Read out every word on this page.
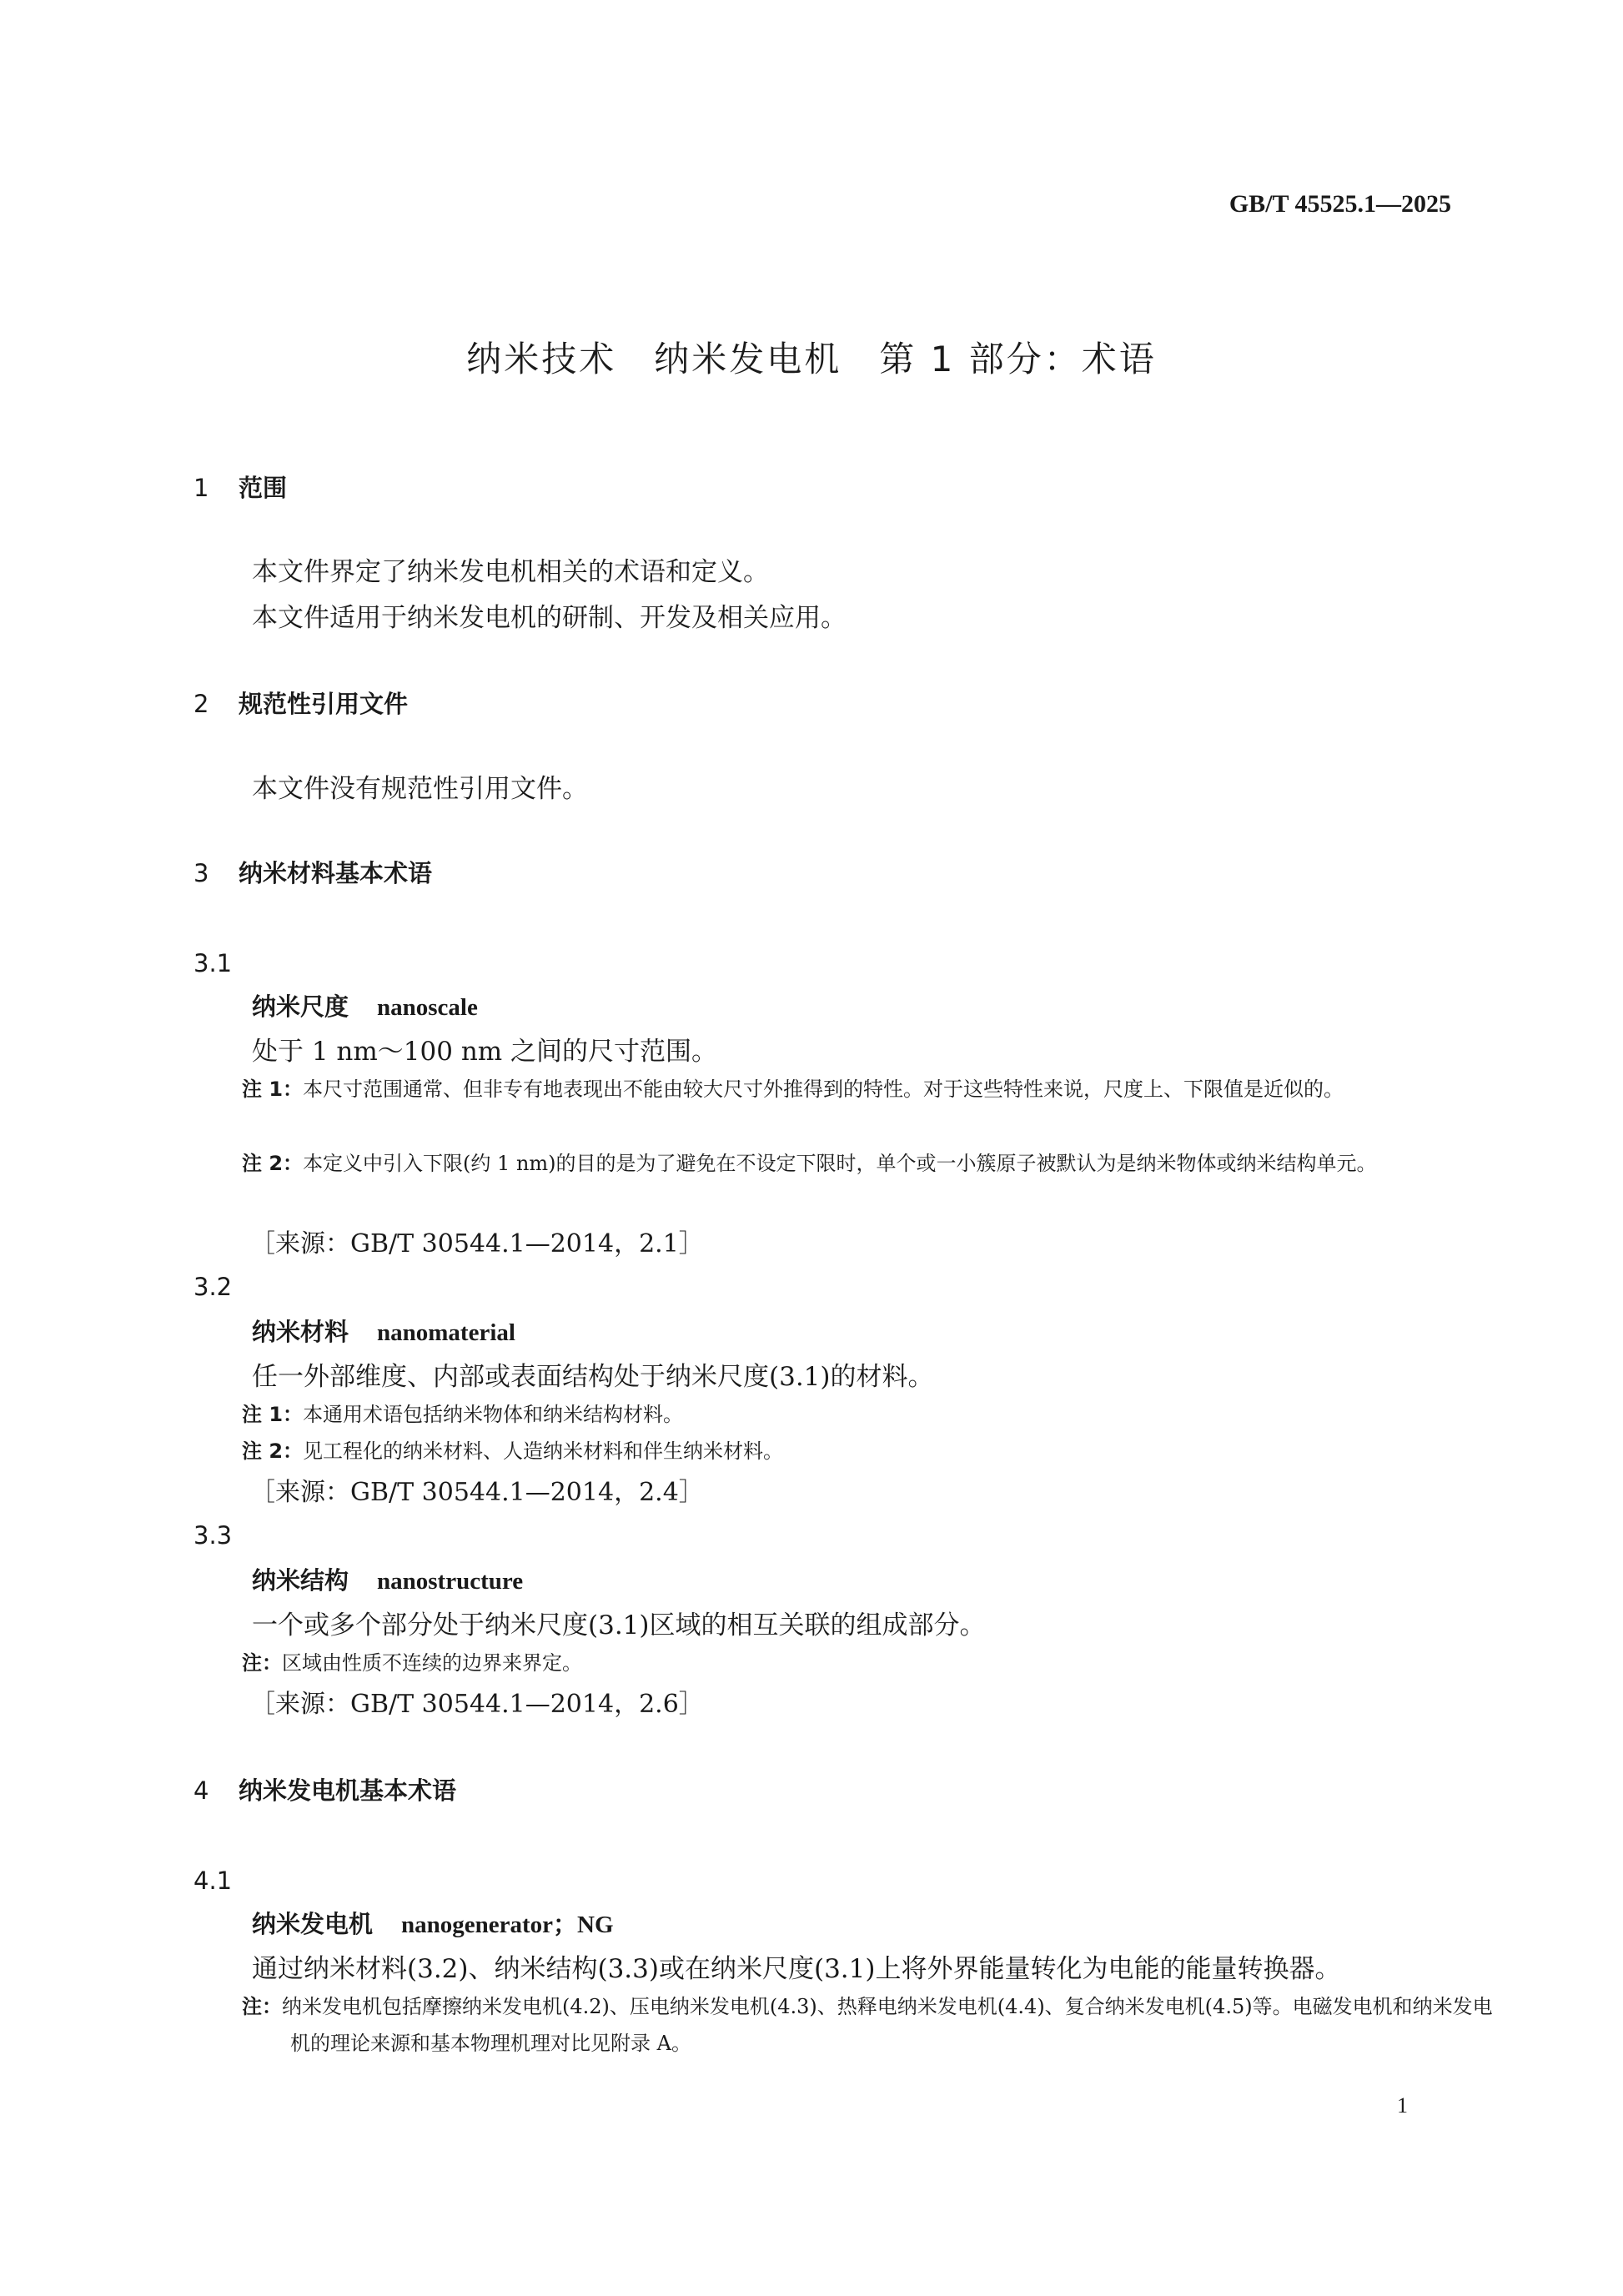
GB/T 45525.1—2025
纳米技术　纳米发电机　第 1 部分：术语
1 范围
本文件界定了纳米发电机相关的术语和定义。
本文件适用于纳米发电机的研制、开发及相关应用。
2 规范性引用文件
本文件没有规范性引用文件。
3 纳米材料基本术语
3.1
纳米尺度 nanoscale
处于 1 nm～100 nm 之间的尺寸范围。
注 1：本尺寸范围通常、但非专有地表现出不能由较大尺寸外推得到的特性。对于这些特性来说，尺度上、下限值是近似的。
注 2：本定义中引入下限(约 1 nm)的目的是为了避免在不设定下限时，单个或一小簇原子被默认为是纳米物体或纳米结构单元。
［来源：GB/T 30544.1—2014，2.1］
3.2
纳米材料 nanomaterial
任一外部维度、内部或表面结构处于纳米尺度(3.1)的材料。
注 1：本通用术语包括纳米物体和纳米结构材料。
注 2：见工程化的纳米材料、人造纳米材料和伴生纳米材料。
［来源：GB/T 30544.1—2014，2.4］
3.3
纳米结构 nanostructure
一个或多个部分处于纳米尺度(3.1)区域的相互关联的组成部分。
注：区域由性质不连续的边界来界定。
［来源：GB/T 30544.1—2014，2.6］
4 纳米发电机基本术语
4.1
纳米发电机 nanogenerator；NG
通过纳米材料(3.2)、纳米结构(3.3)或在纳米尺度(3.1)上将外界能量转化为电能的能量转换器。
注：纳米发电机包括摩擦纳米发电机(4.2)、压电纳米发电机(4.3)、热释电纳米发电机(4.4)、复合纳米发电机(4.5)等。电磁发电机和纳米发电机的理论来源和基本物理机理对比见附录 A。
1
